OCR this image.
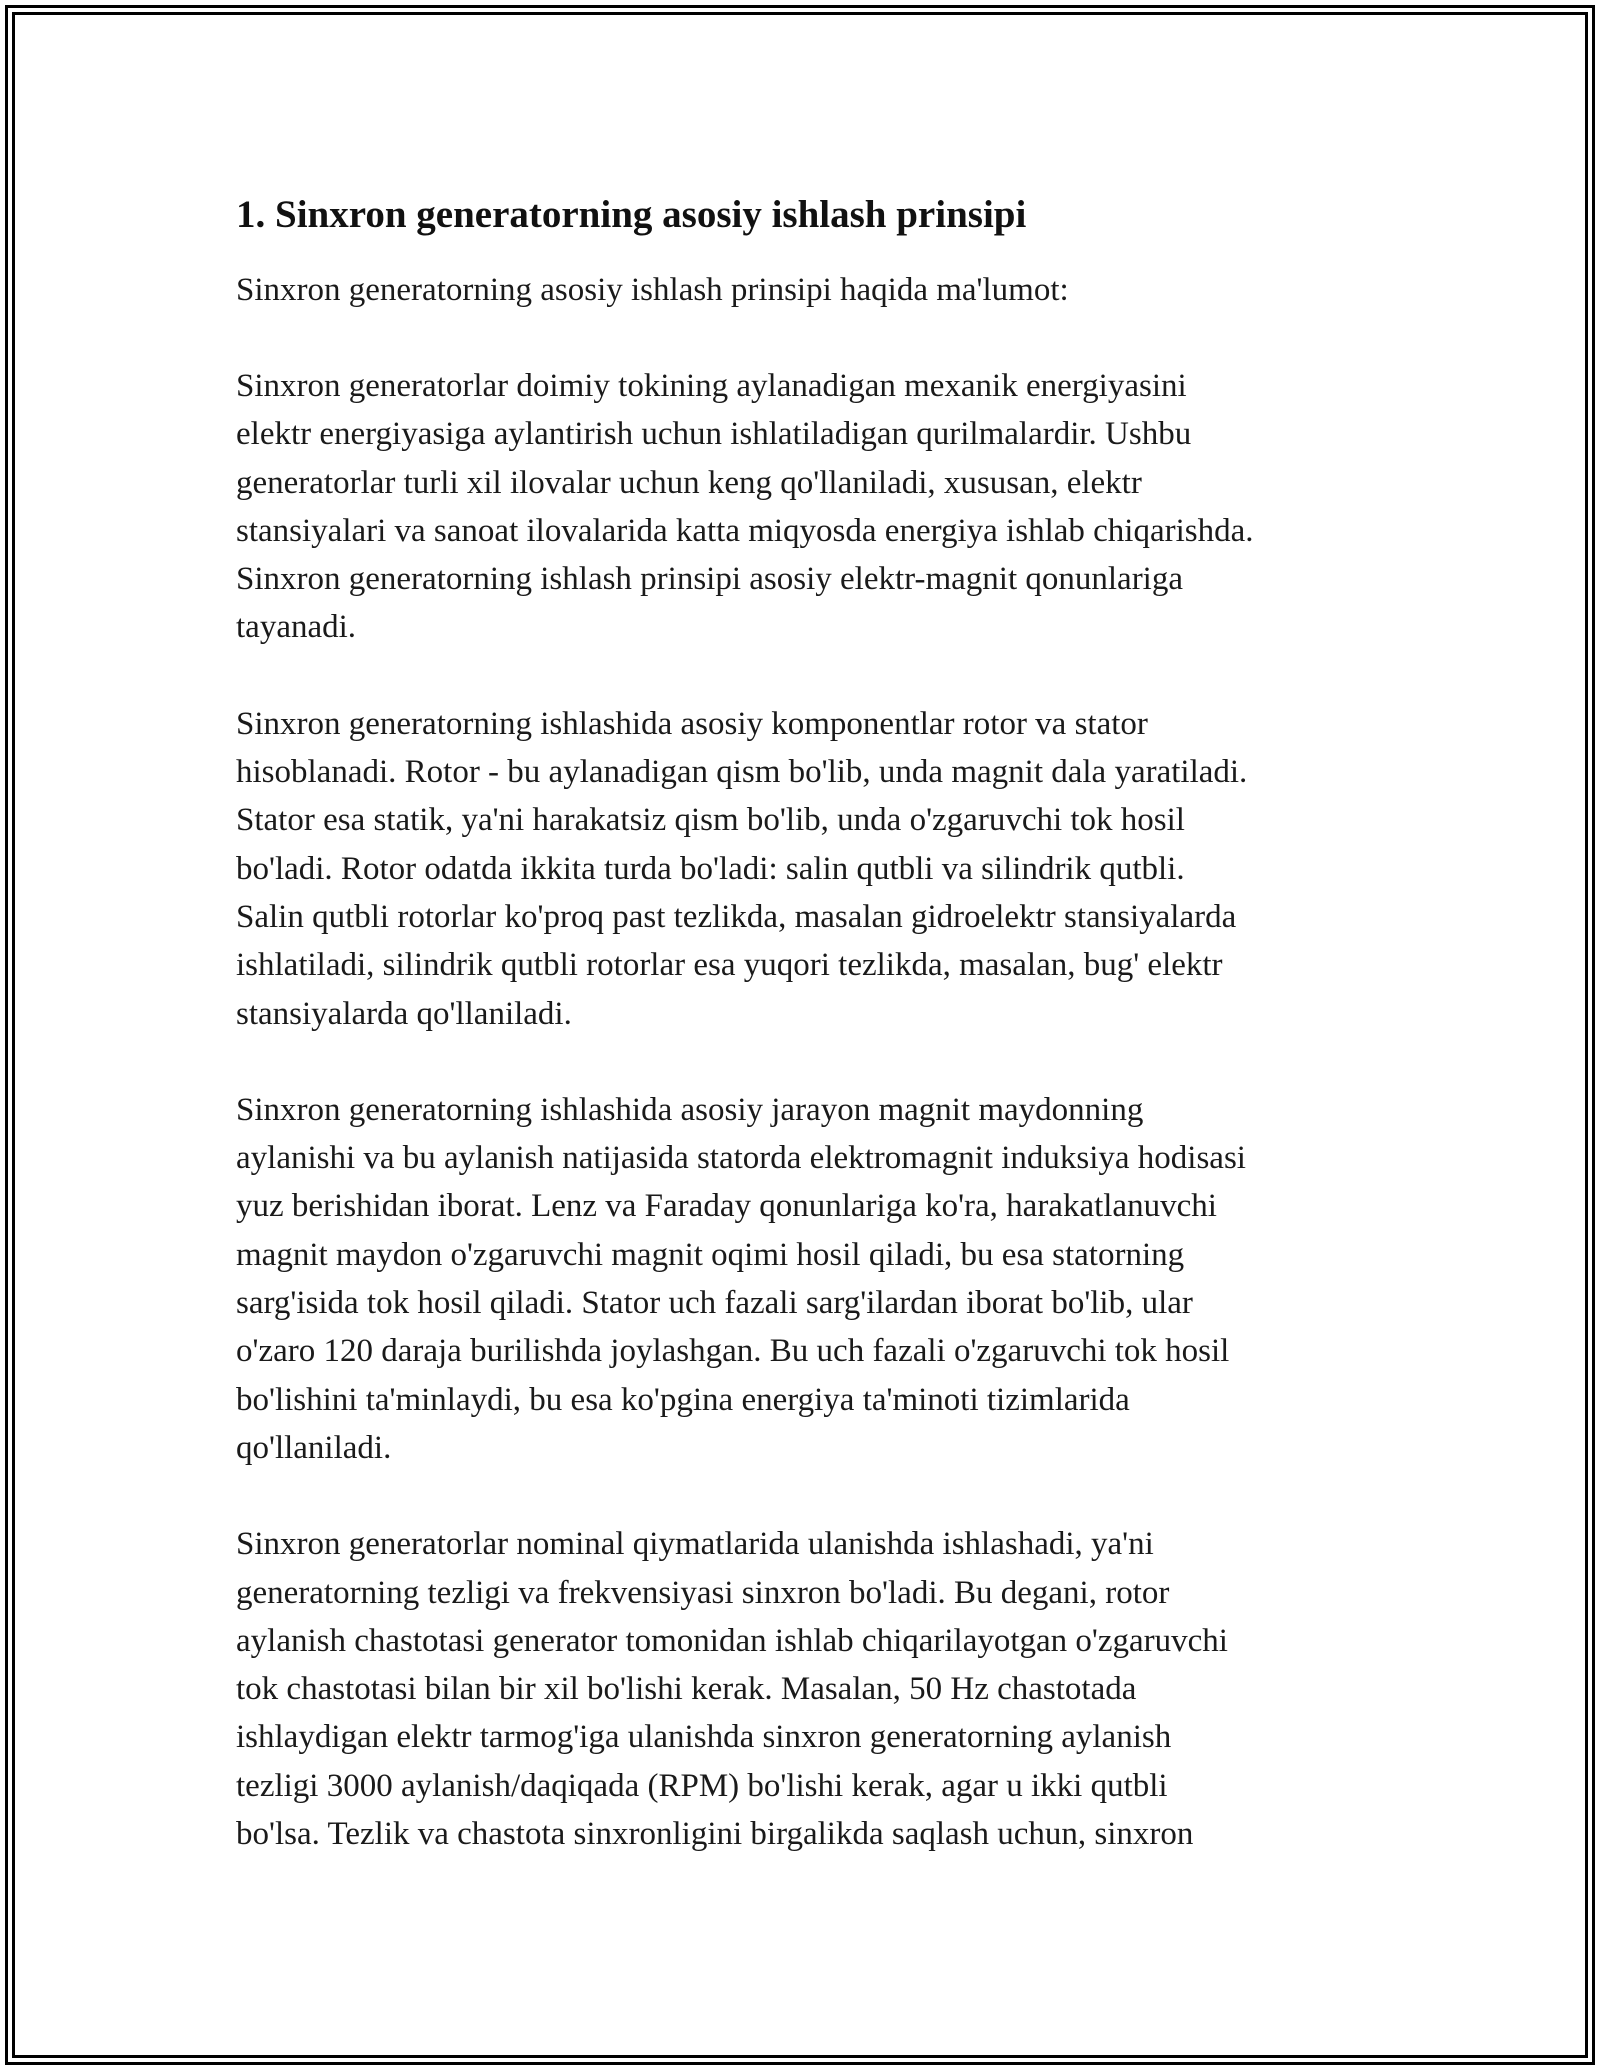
1. Sinxron generatorning asosiy ishlash prinsipi

Sinxron generatorning asosiy ishlash prinsipi haqida ma'lumot:

Sinxron generatorlar doimiy tokining aylanadigan mexanik energiyasini
elektr energiyasiga aylantirish uchun ishlatiladigan qurilmalardir. Ushbu
generatorlar turli xil ilovalar uchun keng qo'llaniladi, xususan, elektr
stansiyalari va sanoat ilovalarida katta miqyosda energiya ishlab chiqarishda.
Sinxron generatorning ishlash prinsipi asosiy elektr-magnit qonunlariga
tayanadi.

Sinxron generatorning ishlashida asosiy komponentlar rotor va stator
hisoblanadi. Rotor - bu aylanadigan qism bo'lib, unda magnit dala yaratiladi.
Stator esa statik, ya'ni harakatsiz qism bo'lib, unda o'zgaruvchi tok hosil
bo'ladi. Rotor odatda ikkita turda bo'ladi: salin qutbli va silindrik qutbli.
Salin qutbli rotorlar ko'proq past tezlikda, masalan gidroelektr stansiyalarda
ishlatiladi, silindrik qutbli rotorlar esa yuqori tezlikda, masalan, bug' elektr
stansiyalarda qo'llaniladi.

Sinxron generatorning ishlashida asosiy jarayon magnit maydonning
aylanishi va bu aylanish natijasida statorda elektromagnit induksiya hodisasi
yuz berishidan iborat. Lenz va Faraday qonunlariga ko'ra, harakatlanuvchi
magnit maydon o'zgaruvchi magnit oqimi hosil qiladi, bu esa statorning
sarg'isida tok hosil qiladi. Stator uch fazali sarg'ilardan iborat bo'lib, ular
o'zaro 120 daraja burilishda joylashgan. Bu uch fazali o'zgaruvchi tok hosil
bo'lishini ta'minlaydi, bu esa ko'pgina energiya ta'minoti tizimlarida
qo'llaniladi.

Sinxron generatorlar nominal qiymatlarida ulanishda ishlashadi, ya'ni
generatorning tezligi va frekvensiyasi sinxron bo'ladi. Bu degani, rotor
aylanish chastotasi generator tomonidan ishlab chiqarilayotgan o'zgaruvchi
tok chastotasi bilan bir xil bo'lishi kerak. Masalan, 50 Hz chastotada
ishlaydigan elektr tarmog'iga ulanishda sinxron generatorning aylanish
tezligi 3000 aylanish/daqiqada (RPM) bo'lishi kerak, agar u ikki qutbli
bo'lsa. Tezlik va chastota sinxronligini birgalikda saqlash uchun, sinxron
